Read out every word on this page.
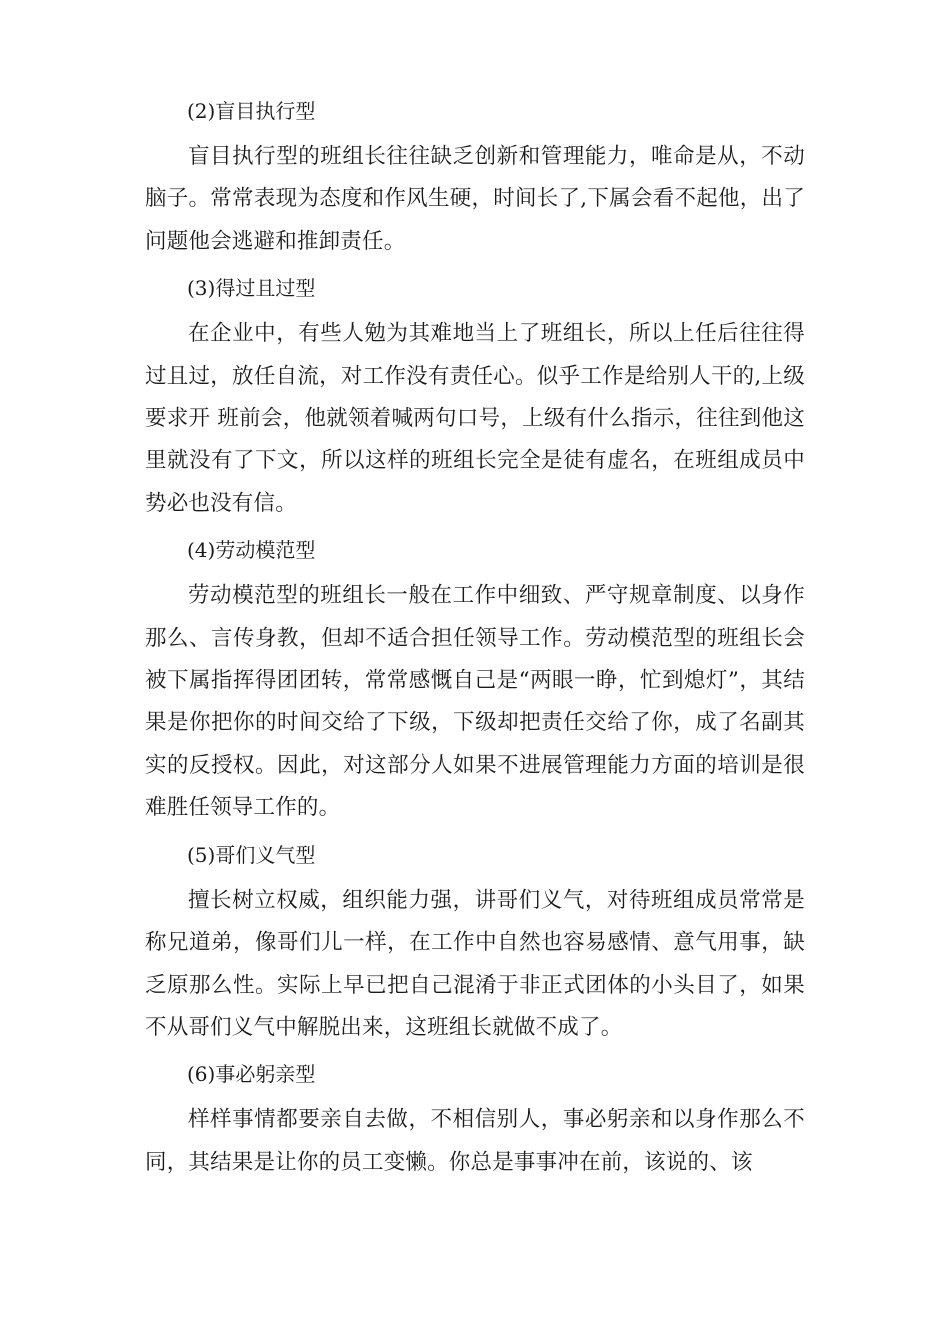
(2)盲目执行型
盲目执行型的班组长往往缺乏创新和管理能力，唯命是从，不动脑子。常常表现为态度和作风生硬，时间长了,下属会看不起他，出了问题他会逃避和推卸责任。
(3)得过且过型
在企业中，有些人勉为其难地当上了班组长，所以上任后往往得过且过，放任自流，对工作没有责任心。似乎工作是给别人干的,上级要求开 班前会，他就领着喊两句口号，上级有什么指示，往往到他这里就没有了下文，所以这样的班组长完全是徒有虚名，在班组成员中势必也没有信。
(4)劳动模范型
劳动模范型的班组长一般在工作中细致、严守规章制度、以身作那么、言传身教，但却不适合担任领导工作。劳动模范型的班组长会被下属指挥得团团转，常常感慨自己是“两眼一睁，忙到熄灯”，其结果是你把你的时间交给了下级，下级却把责任交给了你，成了名副其实的反授权。因此，对这部分人如果不进展管理能力方面的培训是很难胜任领导工作的。
(5)哥们义气型
擅长树立权威，组织能力强，讲哥们义气，对待班组成员常常是称兄道弟，像哥们儿一样，在工作中自然也容易感情、意气用事，缺乏原那么性。实际上早已把自己混淆于非正式团体的小头目了，如果不从哥们义气中解脱出来，这班组长就做不成了。
(6)事必躬亲型
样样事情都要亲自去做，不相信别人，事必躬亲和以身作那么不同，其结果是让你的员工变懒。你总是事事冲在前，该说的、该
